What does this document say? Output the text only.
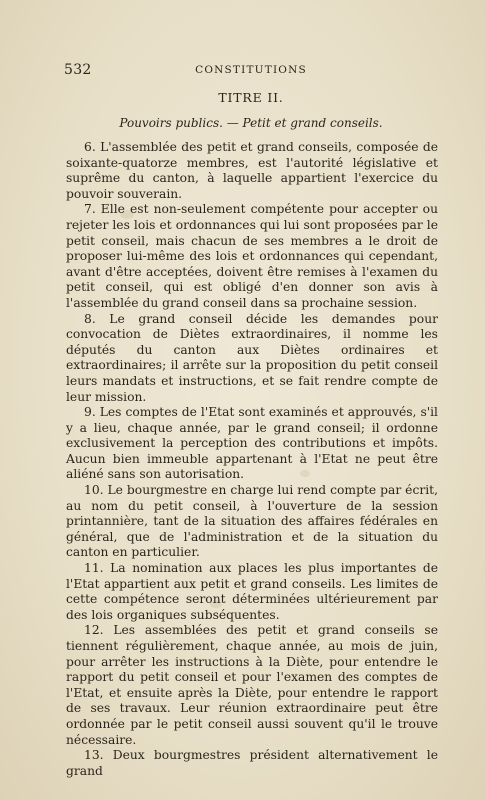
532	CONSTITUTIONS
TITRE II.
Pouvoirs publics. — Petit et grand conseils.

6. L'assemblée des petit et grand conseils, composée de soixante-quatorze membres, est l'autorité législative et suprême du canton, à laquelle appartient l'exercice du pouvoir souverain.

7. Elle est non-seulement compétente pour accepter ou rejeter les lois et ordonnances qui lui sont proposées par le petit conseil, mais chacun de ses membres a le droit de proposer lui-même des lois et ordonnances qui cependant, avant d'être acceptées, doivent être remises à l'examen du petit conseil, qui est obligé d'en donner son avis à l'assemblée du grand conseil dans sa prochaine session.

8. Le grand conseil décide les demandes pour convocation de Diètes extraordinaires, il nomme les députés du canton aux Diètes ordinaires et extraordinaires; il arrête sur la proposition du petit conseil leurs mandats et instructions, et se fait rendre compte de leur mission.

9. Les comptes de l'Etat sont examinés et approuvés, s'il y a lieu, chaque année, par le grand conseil; il ordonne exclusivement la perception des contributions et impôts. Aucun bien immeuble appartenant à l'Etat ne peut être aliéné sans son autorisation.

10. Le bourgmestre en charge lui rend compte par écrit, au nom du petit conseil, à l'ouverture de la session printannière, tant de la situation des affaires fédérales en général, que de l'administration et de la situation du canton en particulier.

11. La nomination aux places les plus importantes de l'Etat appartient aux petit et grand conseils. Les limites de cette compétence seront déterminées ultérieurement par des lois organiques subséquentes.

12. Les assemblées des petit et grand conseils se tiennent régulièrement, chaque année, au mois de juin, pour arrêter les instructions à la Diète, pour entendre le rapport du petit conseil et pour l'examen des comptes de l'Etat, et ensuite après la Diète, pour entendre le rapport de ses travaux. Leur réunion extraordinaire peut être ordonnée par le petit conseil aussi souvent qu'il le trouve nécessaire.

13. Deux bourgmestres président alternativement le grand
